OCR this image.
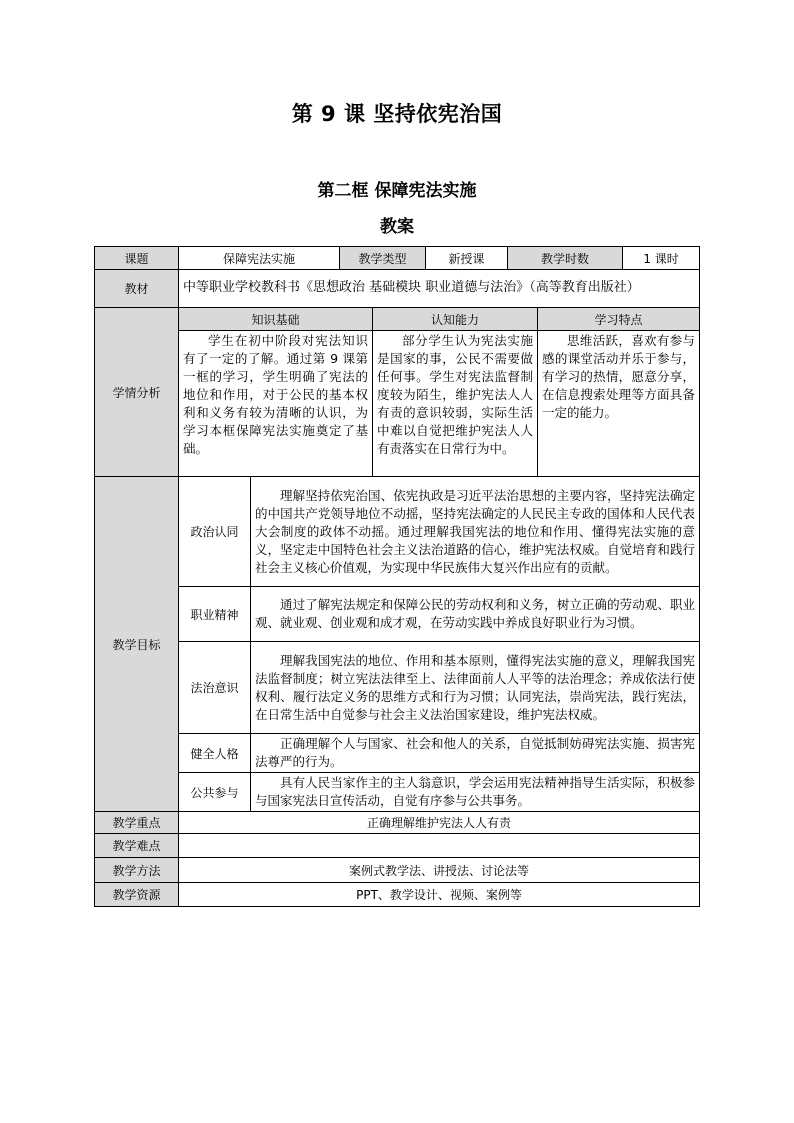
第 9 课 坚持依宪治国
第二框 保障宪法实施
教案
课题	保障宪法实施		教学类型		新授课	教学时数		1 课时
教材	中等职业学校教科书《思想政治 基础模块 职业道德与法治》（高等教育出版社）							
学情分析	知识基础			认知能力			学习特点	
	学生在初中阶段对宪法知识有了一定的了解。通过第 9 课第一框的学习，学生明确了宪法的地位和作用，对于公民的基本权利和义务有较为清晰的认识，为学习本框保障宪法实施奠定了基础。			部分学生认为宪法实施是国家的事，公民不需要做任何事。学生对宪法监督制度较为陌生，维护宪法人人有责的意识较弱，实际生活中难以自觉把维护宪法人人有责落实在日常行为中。			思维活跃，喜欢有参与感的课堂活动并乐于参与，有学习的热情，愿意分享，在信息搜索处理等方面具备一定的能力。	
教学目标	政治认同	理解坚持依宪治国、依宪执政是习近平法治思想的主要内容，坚持宪法确定的中国共产党领导地位不动摇，坚持宪法确定的人民民主专政的国体和人民代表大会制度的政体不动摇。通过理解我国宪法的地位和作用、懂得宪法实施的意义，坚定走中国特色社会主义法治道路的信心，维护宪法权威。自觉培育和践行社会主义核心价值观，为实现中华民族伟大复兴作出应有的贡献。						
	职业精神	通过了解宪法规定和保障公民的劳动权利和义务，树立正确的劳动观、职业观、就业观、创业观和成才观，在劳动实践中养成良好职业行为习惯。						
	法治意识	理解我国宪法的地位、作用和基本原则，懂得宪法实施的意义，理解我国宪法监督制度；树立宪法法律至上、法律面前人人平等的法治理念；养成依法行使权利、履行法定义务的思维方式和行为习惯；认同宪法，崇尚宪法，践行宪法，在日常生活中自觉参与社会主义法治国家建设，维护宪法权威。						
	健全人格	正确理解个人与国家、社会和他人的关系，自觉抵制妨碍宪法实施、损害宪法尊严的行为。						
	公共参与	具有人民当家作主的主人翁意识，学会运用宪法精神指导生活实际，积极参与国家宪法日宣传活动，自觉有序参与公共事务。						
教学重点	正确理解维护宪法人人有责							
教学难点								
教学方法	案例式教学法、讲授法、讨论法等							
教学资源	PPT、教学设计、视频、案例等							
